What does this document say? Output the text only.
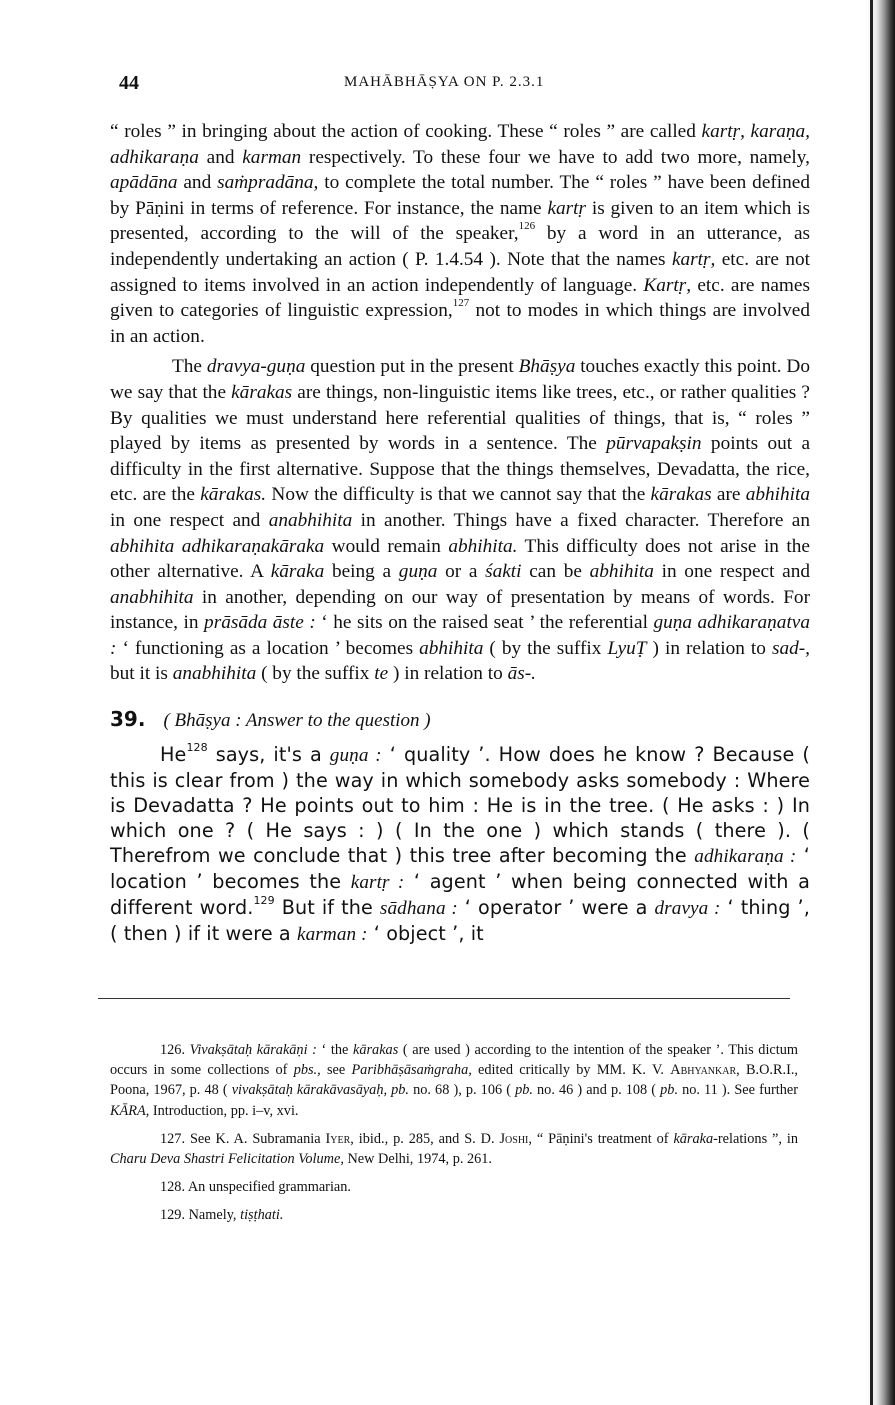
44	MAHĀBHĀṢYA ON P. 2.3.1

“ roles ” in bringing about the action of cooking. These “ roles ” are called kartṛ, karaṇa, adhikaraṇa and karman respectively. To these four we have to add two more, namely, apādāna and saṁpradāna, to complete the total number. The “ roles ” have been defined by Pāṇini in terms of reference. For instance, the name kartṛ is given to an item which is presented, according to the will of the speaker,$^{126}$ by a word in an utterance, as independently undertaking an action ( P. 1.4.54 ). Note that the names kartṛ, etc. are not assigned to items involved in an action independently of language. Kartṛ, etc. are names given to categories of linguistic expression,$^{127}$ not to modes in which things are involved in an action.

The dravya-guṇa question put in the present Bhāṣya touches exactly this point. Do we say that the kārakas are things, non-linguistic items like trees, etc., or rather qualities ? By qualities we must understand here referential qualities of things, that is, “ roles ” played by items as presented by words in a sentence. The pūrvapakṣin points out a difficulty in the first alternative. Suppose that the things themselves, Devadatta, the rice, etc. are the kārakas. Now the difficulty is that we cannot say that the kārakas are abhihita in one respect and anabhihita in another. Things have a fixed character. Therefore an abhihita adhikaraṇakāraka would remain abhihita. This difficulty does not arise in the other alternative. A kāraka being a guṇa or a śakti can be abhihita in one respect and anabhihita in another, depending on our way of presentation by means of words. For instance, in prāsāda āste : ‘ he sits on the raised seat ’ the referential guṇa adhikaraṇatva : ‘ functioning as a location ’ becomes abhihita ( by the suffix LyuṬ ) in relation to sad-, but it is anabhihita ( by the suffix te ) in relation to ās-.

39. ( Bhāṣya : Answer to the question )

He$^{128}$ says, it's a guṇa : ‘ quality ’. How does he know ? Because ( this is clear from ) the way in which somebody asks somebody : Where is Devadatta ? He points out to him : He is in the tree. ( He asks : ) In which one ? ( He says : ) ( In the one ) which stands ( there ). ( Therefrom we conclude that ) this tree after becoming the adhikaraṇa : ‘ location ’ becomes the kartṛ : ‘ agent ’ when being connected with a different word.$^{129}$ But if the sādhana : ‘ operator ’ were a dravya : ‘ thing ’, ( then ) if it were a karman : ‘ object ’, it

126. Vivakṣātaḥ kārakāṇi : ‘ the kārakas ( are used ) according to the intention of the speaker ’. This dictum occurs in some collections of pbs., see Paribhāṣāsaṁgraha, edited critically by MM. K. V. Abhyankar, B.O.R.I., Poona, 1967, p. 48 ( vivakṣātaḥ kārakāvasāyaḥ, pb. no. 68 ), p. 106 ( pb. no. 46 ) and p. 108 ( pb. no. 11 ). See further KĀRA, Introduction, pp. i–v, xvi.

127. See K. A. Subramania Iyer, ibid., p. 285, and S. D. Joshi, “ Pāṇini's treatment of kāraka-relations ”, in Charu Deva Shastri Felicitation Volume, New Delhi, 1974, p. 261.

128. An unspecified grammarian.

129. Namely, tiṣṭhati.
